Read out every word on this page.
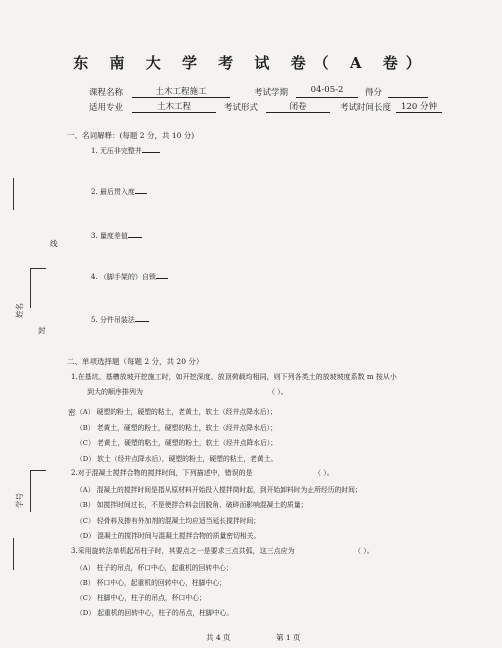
东 南 大 学 考 试 卷（ A 卷）
课程名称	土木工程施工	考试学期	04-05-2	得分
适用专业	土木工程	考试形式	闭卷	考试时间长度	120 分钟
姓名
学号
线
封
密
一、名词解释：(每题 2 分，共 10 分)
1. 无压非完整井
2. 最后贯入度
3. 量度差值
4. （脚手架的）自锁
5. 分件吊装法
二、单项选择题（每题 2 分，共 20 分）
1.在基坑、基槽放坡开挖施工时，如开挖深度、放顶荷载均相同，则下列各类土的放坡坡度系数 m 按从小
到大的顺序排列为	（ ）。
（A） 硬塑的粉土，硬塑的粘土，老黄土，软土（经井点降水后）；
（B） 老黄土，硬塑的粉土，硬塑的粘土，软土（经井点降水后）；
（C） 老黄土，硬塑的粘土，硬塑的粉土，软土（经井点降水后）；
（D） 软土（经井点降水后），硬塑的粉土，硬塑的粘土，老黄土。
2.对于混凝土搅拌合物的搅拌时间，下列描述中，错误的是	（ ）。
（A） 混凝土的搅拌时间是指从原材料开始投入搅拌筒时起，到开始卸料时为止所经历的时间；
（B） 如搅拌时间过长，不是使拌合料会因脱角、破碎而影响混凝土的质量；
（C） 轻骨料及掺有外加剂的混凝土均应适当延长搅拌时间；
（D） 混凝土的搅拌时间与混凝土搅拌合物的质量密切相关。
3.采用旋转法单机起吊柱子时，其要点之一是要求三点共弧，这三点应为	（ ）。
（A） 柱子的吊点，杯口中心，起重机的回转中心；
（B） 杯口中心，起重机的回转中心，柱脚中心；
（C） 柱脚中心，柱子的吊点，杯口中心；
（D） 起重机的回转中心，柱子的吊点，柱脚中心。
共 4 页	第 1 页
